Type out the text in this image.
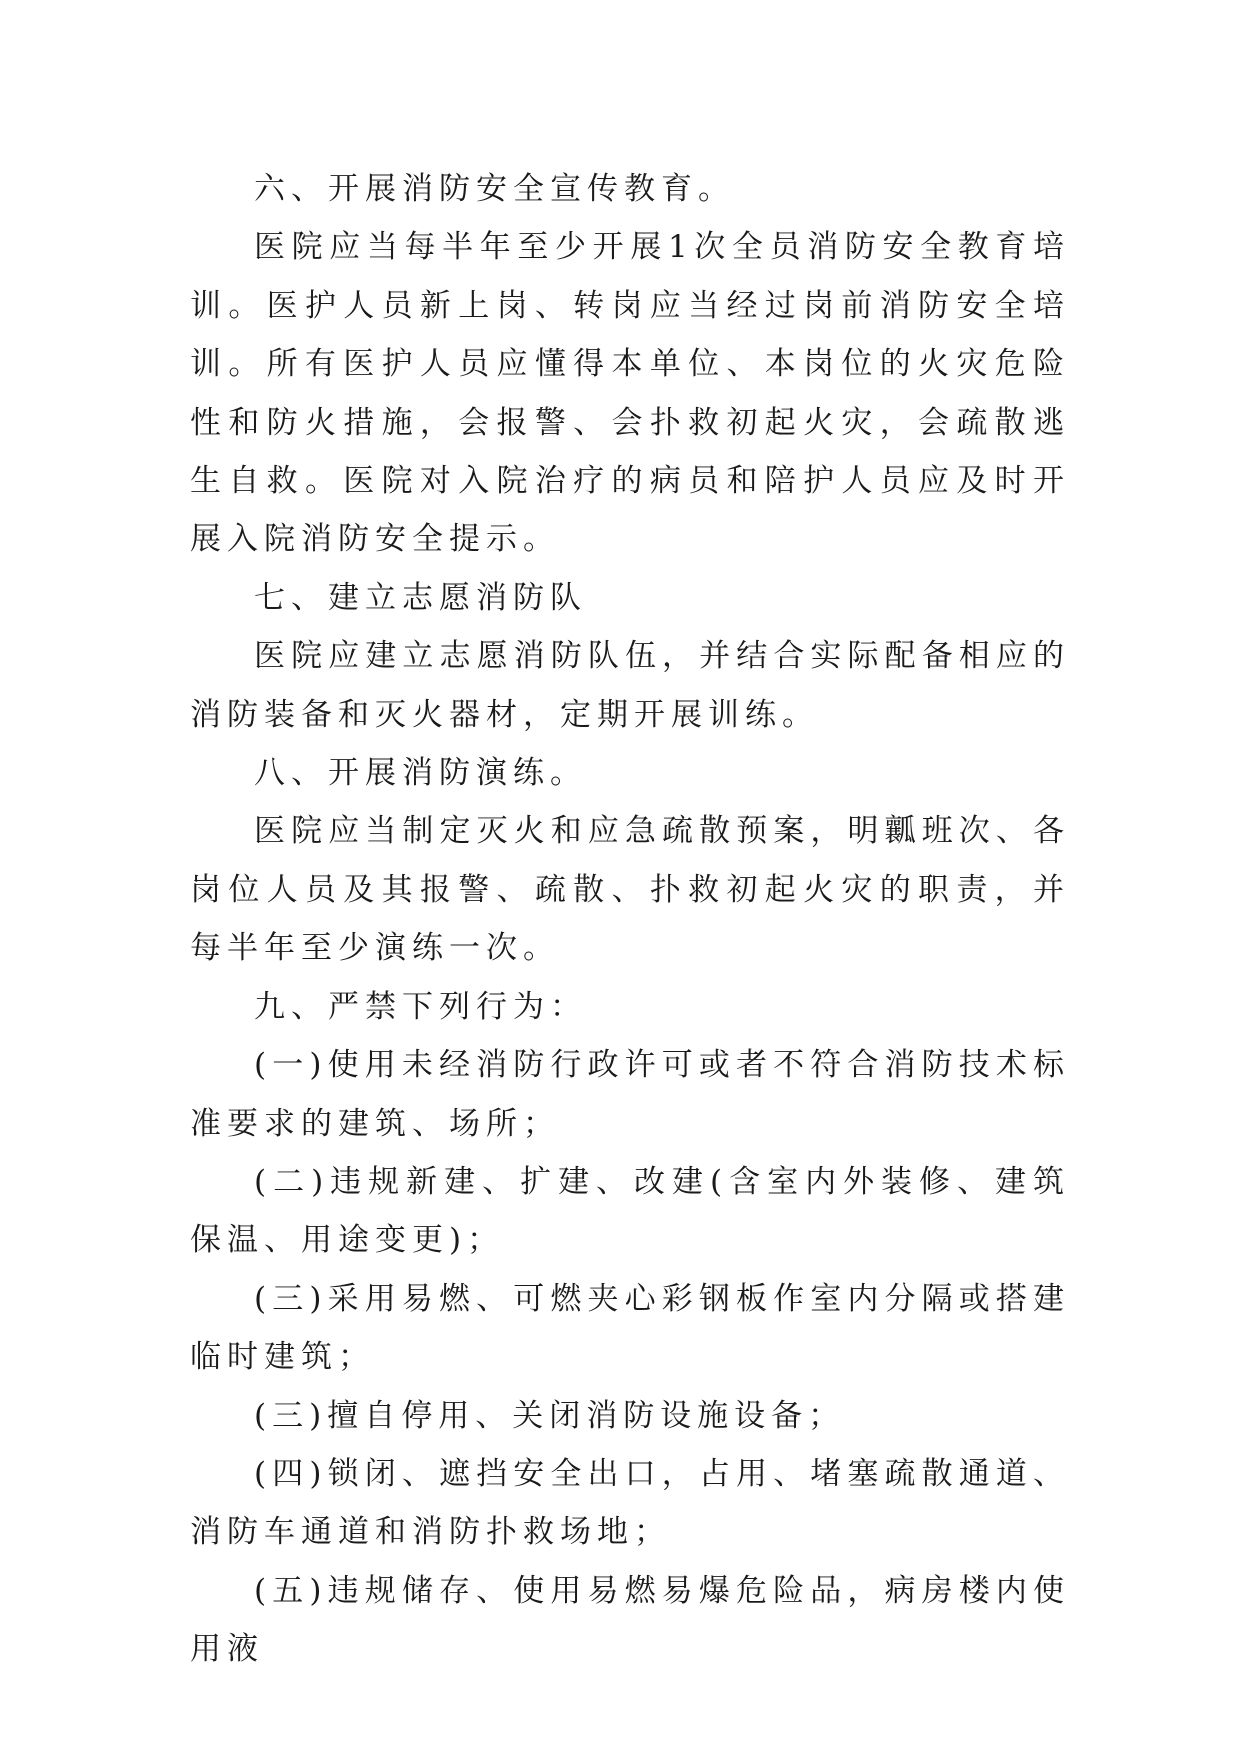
六、开展消防安全宣传教育。

医院应当每半年至少开展1次全员消防安全教育培训。医护人员新上岗、转岗应当经过岗前消防安全培训。所有医护人员应懂得本单位、本岗位的火灾危险性和防火措施，会报警、会扑救初起火灾，会疏散逃生自救。医院对入院治疗的病员和陪护人员应及时开展入院消防安全提示。

七、建立志愿消防队

医院应建立志愿消防队伍，并结合实际配备相应的消防装备和灭火器材，定期开展训练。

八、开展消防演练。

医院应当制定灭火和应急疏散预案，明瓤班次、各岗位人员及其报警、疏散、扑救初起火灾的职责，并每半年至少演练一次。

九、严禁下列行为：

(一)使用未经消防行政许可或者不符合消防技术标准要求的建筑、场所；

(二)违规新建、扩建、改建(含室内外装修、建筑保温、用途变更)；

(三)采用易燃、可燃夹心彩钢板作室内分隔或搭建临时建筑；

(三)擅自停用、关闭消防设施设备；

(四)锁闭、遮挡安全出口，占用、堵塞疏散通道、消防车通道和消防扑救场地；

(五)违规储存、使用易燃易爆危险品，病房楼内使用液
